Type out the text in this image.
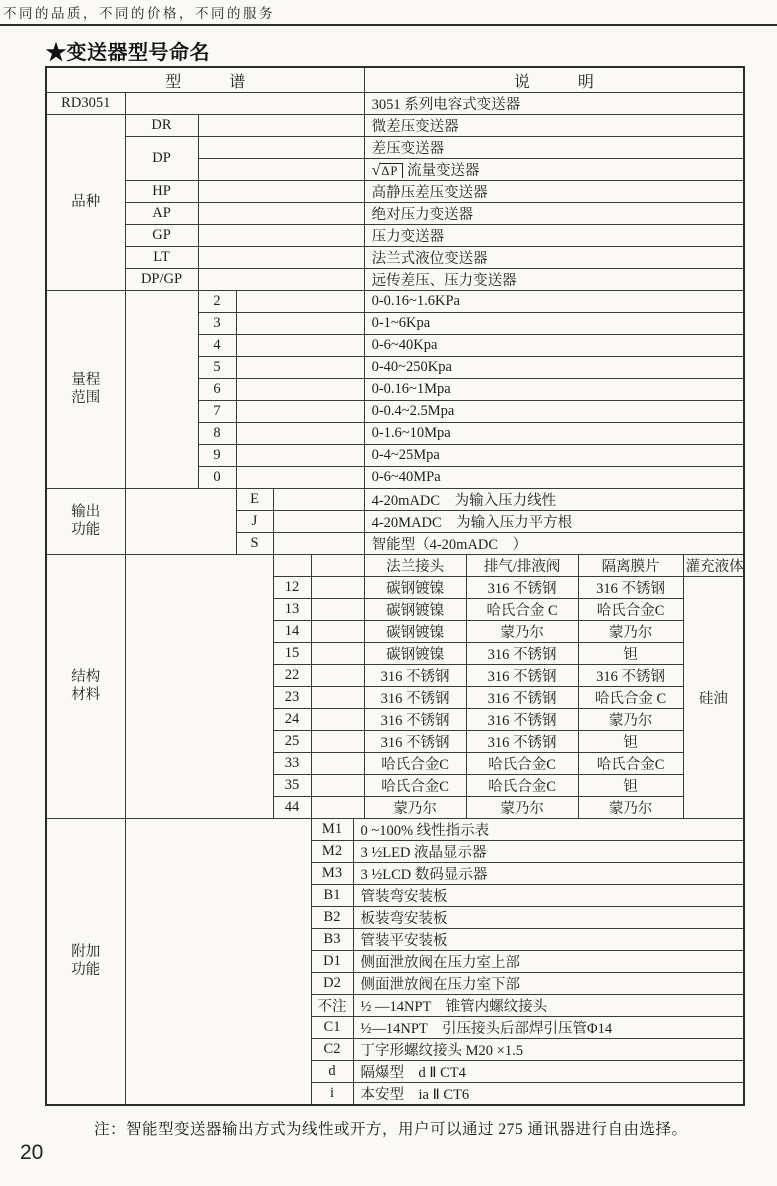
不同的品质，不同的价格，不同的服务
★变送器型号命名
型　　　谱							说　　　明			
RD3051							3051 系列电容式变送器			
品种	DR						微差压变送器			
	DP						差压变送器			
							√ΔP 流量变送器			
	HP						高静压差压变送器			
	AP						绝对压力变送器			
	GP						压力变送器			
	LT						法兰式液位变送器			
	DP/GP						远传差压、压力变送器			
量程范围		2					0-0.16~1.6KPa			
		3					0-1~6Kpa			
		4					0-6~40Kpa			
		5					0-40~250Kpa			
		6					0-0.16~1Mpa			
		7					0-0.4~2.5Mpa			
		8					0-1.6~10Mpa			
		9					0-4~25Mpa			
		0					0-6~40MPa			
输出功能			E				4-20mADC　为输入压力线性			
			J				4-20MADC　为输入压力平方根			
			S				智能型（4-20mADC　）			
结构材料							法兰接头	排气/排液阀	隔离膜片	灌充液体
				12			碳钢镀镍	316 不锈钢	316 不锈钢	硅油
				13			碳钢镀镍	哈氏合金 C	哈氏合金C	
				14			碳钢镀镍	蒙乃尔	蒙乃尔	
				15			碳钢镀镍	316 不锈钢	钽	
				22			316 不锈钢	316 不锈钢	316 不锈钢	
				23			316 不锈钢	316 不锈钢	哈氏合金 C	
				24			316 不锈钢	316 不锈钢	蒙乃尔	
				25			316 不锈钢	316 不锈钢	钽	
				33			哈氏合金C	哈氏合金C	哈氏合金C	
				35			哈氏合金C	哈氏合金C	钽	
				44			蒙乃尔	蒙乃尔	蒙乃尔	
附加功能					M1	0 ~100% 线性指示表				
					M2	3 ½LED 液晶显示器				
					M3	3 ½LCD 数码显示器				
					B1	管装弯安装板				
					B2	板装弯安装板				
					B3	管装平安装板				
					D1	侧面泄放阀在压力室上部				
					D2	侧面泄放阀在压力室下部				
					不注	½ —14NPT　锥管内螺纹接头				
					C1	½—14NPT　引压接头后部焊引压管Φ14				
					C2	丁字形螺纹接头 M20 ×1.5				
					d	隔爆型　d Ⅱ CT4				
					i	本安型　ia Ⅱ CT6				
注：智能型变送器输出方式为线性或开方，用户可以通过 275 通讯器进行自由选择。
20
